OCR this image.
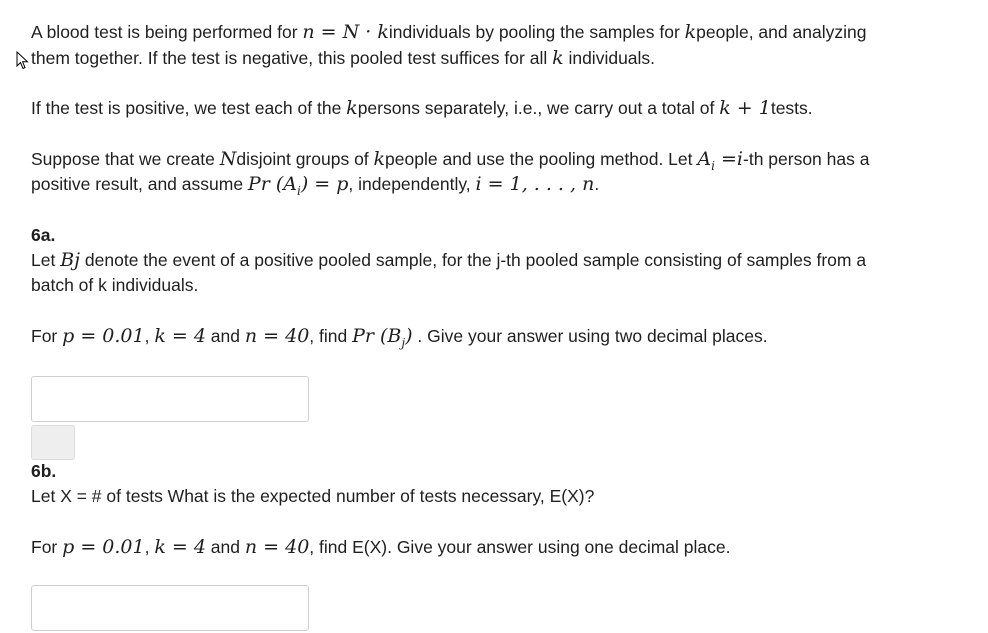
A blood test is being performed for n = N · kindividuals by pooling the samples for kpeople, and analyzing
them together. If the test is negative, this pooled test suffices for all k individuals.
If the test is positive, we test each of the kpersons separately, i.e., we carry out a total of k + 1tests.
Suppose that we create Ndisjoint groups of kpeople and use the pooling method. Let $A_i =i-th$ person has a
positive result, and assume Pr $(A_i) = p$, independently, i = 1, . . . , n.
6a.
Let Bj denote the event of a positive pooled sample, for the j-th pooled sample consisting of samples from a
batch of k individuals.
For p = 0.01, k = 4 and n = 40, find Pr $(B_j)$ . Give your answer using two decimal places.
6b.
Let X = # of tests What is the expected number of tests necessary, E(X)?
For p = 0.01, k = 4 and n = 40, find E(X). Give your answer using one decimal place.
